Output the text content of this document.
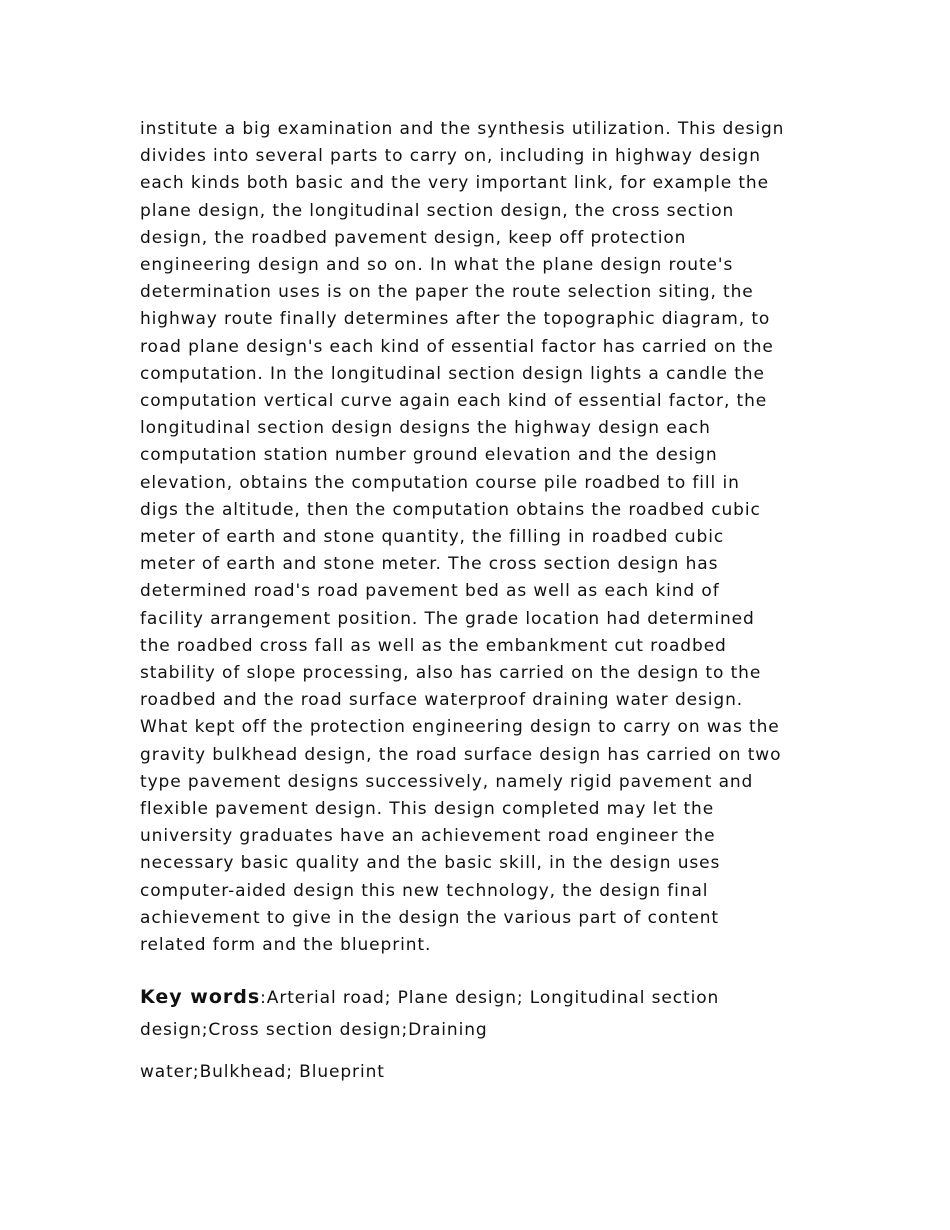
institute a big examination and the synthesis utilization. This design
divides into several parts to carry on, including in highway design
each kinds both basic and the very important link, for example the
plane design, the longitudinal section design, the cross section
design, the roadbed pavement design, keep off protection
engineering design and so on. In what the plane design route's
determination uses is on the paper the route selection siting, the
highway route finally determines after the topographic diagram, to
road plane design's each kind of essential factor has carried on the
computation. In the longitudinal section design lights a candle the
computation vertical curve again each kind of essential factor, the
longitudinal section design designs the highway design each
computation station number ground elevation and the design
elevation, obtains the computation course pile roadbed to fill in
digs the altitude, then the computation obtains the roadbed cubic
meter of earth and stone quantity, the filling in roadbed cubic
meter of earth and stone meter. The cross section design has
determined road's road pavement bed as well as each kind of
facility arrangement position. The grade location had determined
the roadbed cross fall as well as the embankment cut roadbed
stability of slope processing, also has carried on the design to the
roadbed and the road surface waterproof draining water design.
What kept off the protection engineering design to carry on was the
gravity bulkhead design, the road surface design has carried on two
type pavement designs successively, namely rigid pavement and
flexible pavement design. This design completed may let the
university graduates have an achievement road engineer the
necessary basic quality and the basic skill, in the design uses
computer-aided design this new technology, the design final
achievement to give in the design the various part of content
related form and the blueprint.
Key words:Arterial road; Plane design; Longitudinal section
design;Cross section design;Draining

water;Bulkhead; Blueprint
